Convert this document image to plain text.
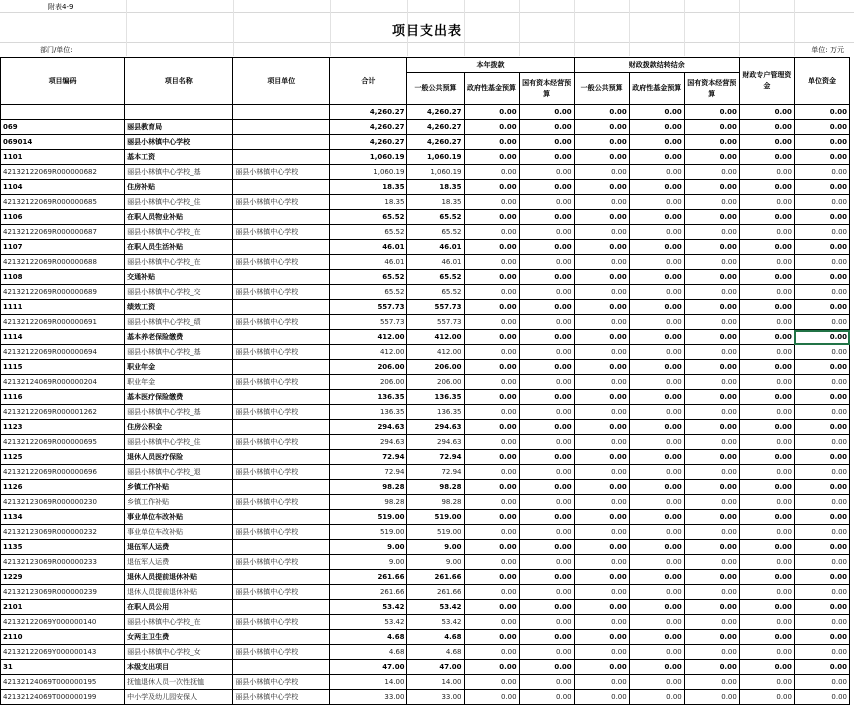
附表4-9
项目支出表
部门/单位:	单位: 万元
项目编码	项目名称	项目单位	合计	本年拨款			财政拨款结转结余			财政专户管理资金	单位资金
				一般公共预算	政府性基金预算	国有资本经营预算	一般公共预算	政府性基金预算	国有资本经营预算		
			4,260.27	4,260.27	0.00	0.00	0.00	0.00	0.00	0.00	0.00
069	丽县教育局		4,260.27	4,260.27	0.00	0.00	0.00	0.00	0.00	0.00	0.00
069014	丽县小林镇中心学校		4,260.27	4,260.27	0.00	0.00	0.00	0.00	0.00	0.00	0.00
1101	基本工资		1,060.19	1,060.19	0.00	0.00	0.00	0.00	0.00	0.00	0.00
42132122069R000000682	丽县小林镇中心学校_基	丽县小林镇中心学校	1,060.19	1,060.19	0.00	0.00	0.00	0.00	0.00	0.00	0.00
1104	住房补贴		18.35	18.35	0.00	0.00	0.00	0.00	0.00	0.00	0.00
42132122069R000000685	丽县小林镇中心学校_住	丽县小林镇中心学校	18.35	18.35	0.00	0.00	0.00	0.00	0.00	0.00	0.00
1106	在职人员物业补贴		65.52	65.52	0.00	0.00	0.00	0.00	0.00	0.00	0.00
42132122069R000000687	丽县小林镇中心学校_在	丽县小林镇中心学校	65.52	65.52	0.00	0.00	0.00	0.00	0.00	0.00	0.00
1107	在职人员生活补贴		46.01	46.01	0.00	0.00	0.00	0.00	0.00	0.00	0.00
42132122069R000000688	丽县小林镇中心学校_在	丽县小林镇中心学校	46.01	46.01	0.00	0.00	0.00	0.00	0.00	0.00	0.00
1108	交通补贴		65.52	65.52	0.00	0.00	0.00	0.00	0.00	0.00	0.00
42132122069R000000689	丽县小林镇中心学校_交	丽县小林镇中心学校	65.52	65.52	0.00	0.00	0.00	0.00	0.00	0.00	0.00
1111	绩效工资		557.73	557.73	0.00	0.00	0.00	0.00	0.00	0.00	0.00
42132122069R000000691	丽县小林镇中心学校_绩	丽县小林镇中心学校	557.73	557.73	0.00	0.00	0.00	0.00	0.00	0.00	0.00
1114	基本养老保险缴费		412.00	412.00	0.00	0.00	0.00	0.00	0.00	0.00	0.00
42132122069R000000694	丽县小林镇中心学校_基	丽县小林镇中心学校	412.00	412.00	0.00	0.00	0.00	0.00	0.00	0.00	0.00
1115	职业年金		206.00	206.00	0.00	0.00	0.00	0.00	0.00	0.00	0.00
42132124069R000000204	职业年金	丽县小林镇中心学校	206.00	206.00	0.00	0.00	0.00	0.00	0.00	0.00	0.00
1116	基本医疗保险缴费		136.35	136.35	0.00	0.00	0.00	0.00	0.00	0.00	0.00
42132122069R000001262	丽县小林镇中心学校_基	丽县小林镇中心学校	136.35	136.35	0.00	0.00	0.00	0.00	0.00	0.00	0.00
1123	住房公积金		294.63	294.63	0.00	0.00	0.00	0.00	0.00	0.00	0.00
42132122069R000000695	丽县小林镇中心学校_住	丽县小林镇中心学校	294.63	294.63	0.00	0.00	0.00	0.00	0.00	0.00	0.00
1125	退休人员医疗保险		72.94	72.94	0.00	0.00	0.00	0.00	0.00	0.00	0.00
42132122069R000000696	丽县小林镇中心学校_退	丽县小林镇中心学校	72.94	72.94	0.00	0.00	0.00	0.00	0.00	0.00	0.00
1126	乡镇工作补贴		98.28	98.28	0.00	0.00	0.00	0.00	0.00	0.00	0.00
42132123069R000000230	乡镇工作补贴	丽县小林镇中心学校	98.28	98.28	0.00	0.00	0.00	0.00	0.00	0.00	0.00
1134	事业单位车改补贴		519.00	519.00	0.00	0.00	0.00	0.00	0.00	0.00	0.00
42132123069R000000232	事业单位车改补贴	丽县小林镇中心学校	519.00	519.00	0.00	0.00	0.00	0.00	0.00	0.00	0.00
1135	退伍军人运费		9.00	9.00	0.00	0.00	0.00	0.00	0.00	0.00	0.00
42132123069R000000233	退伍军人运费	丽县小林镇中心学校	9.00	9.00	0.00	0.00	0.00	0.00	0.00	0.00	0.00
1229	退休人员提前退休补贴		261.66	261.66	0.00	0.00	0.00	0.00	0.00	0.00	0.00
42132123069R000000239	退休人员提前退休补贴	丽县小林镇中心学校	261.66	261.66	0.00	0.00	0.00	0.00	0.00	0.00	0.00
2101	在职人员公用		53.42	53.42	0.00	0.00	0.00	0.00	0.00	0.00	0.00
42132122069Y000000140	丽县小林镇中心学校_在	丽县小林镇中心学校	53.42	53.42	0.00	0.00	0.00	0.00	0.00	0.00	0.00
2110	女两主卫生费		4.68	4.68	0.00	0.00	0.00	0.00	0.00	0.00	0.00
42132122069Y000000143	丽县小林镇中心学校_女	丽县小林镇中心学校	4.68	4.68	0.00	0.00	0.00	0.00	0.00	0.00	0.00
31	本级支出项目		47.00	47.00	0.00	0.00	0.00	0.00	0.00	0.00	0.00
42132124069T000000195	抚恤退休人员一次性抚恤	丽县小林镇中心学校	14.00	14.00	0.00	0.00	0.00	0.00	0.00	0.00	0.00
42132124069T000000199	中小学及幼儿园安保人	丽县小林镇中心学校	33.00	33.00	0.00	0.00	0.00	0.00	0.00	0.00	0.00
